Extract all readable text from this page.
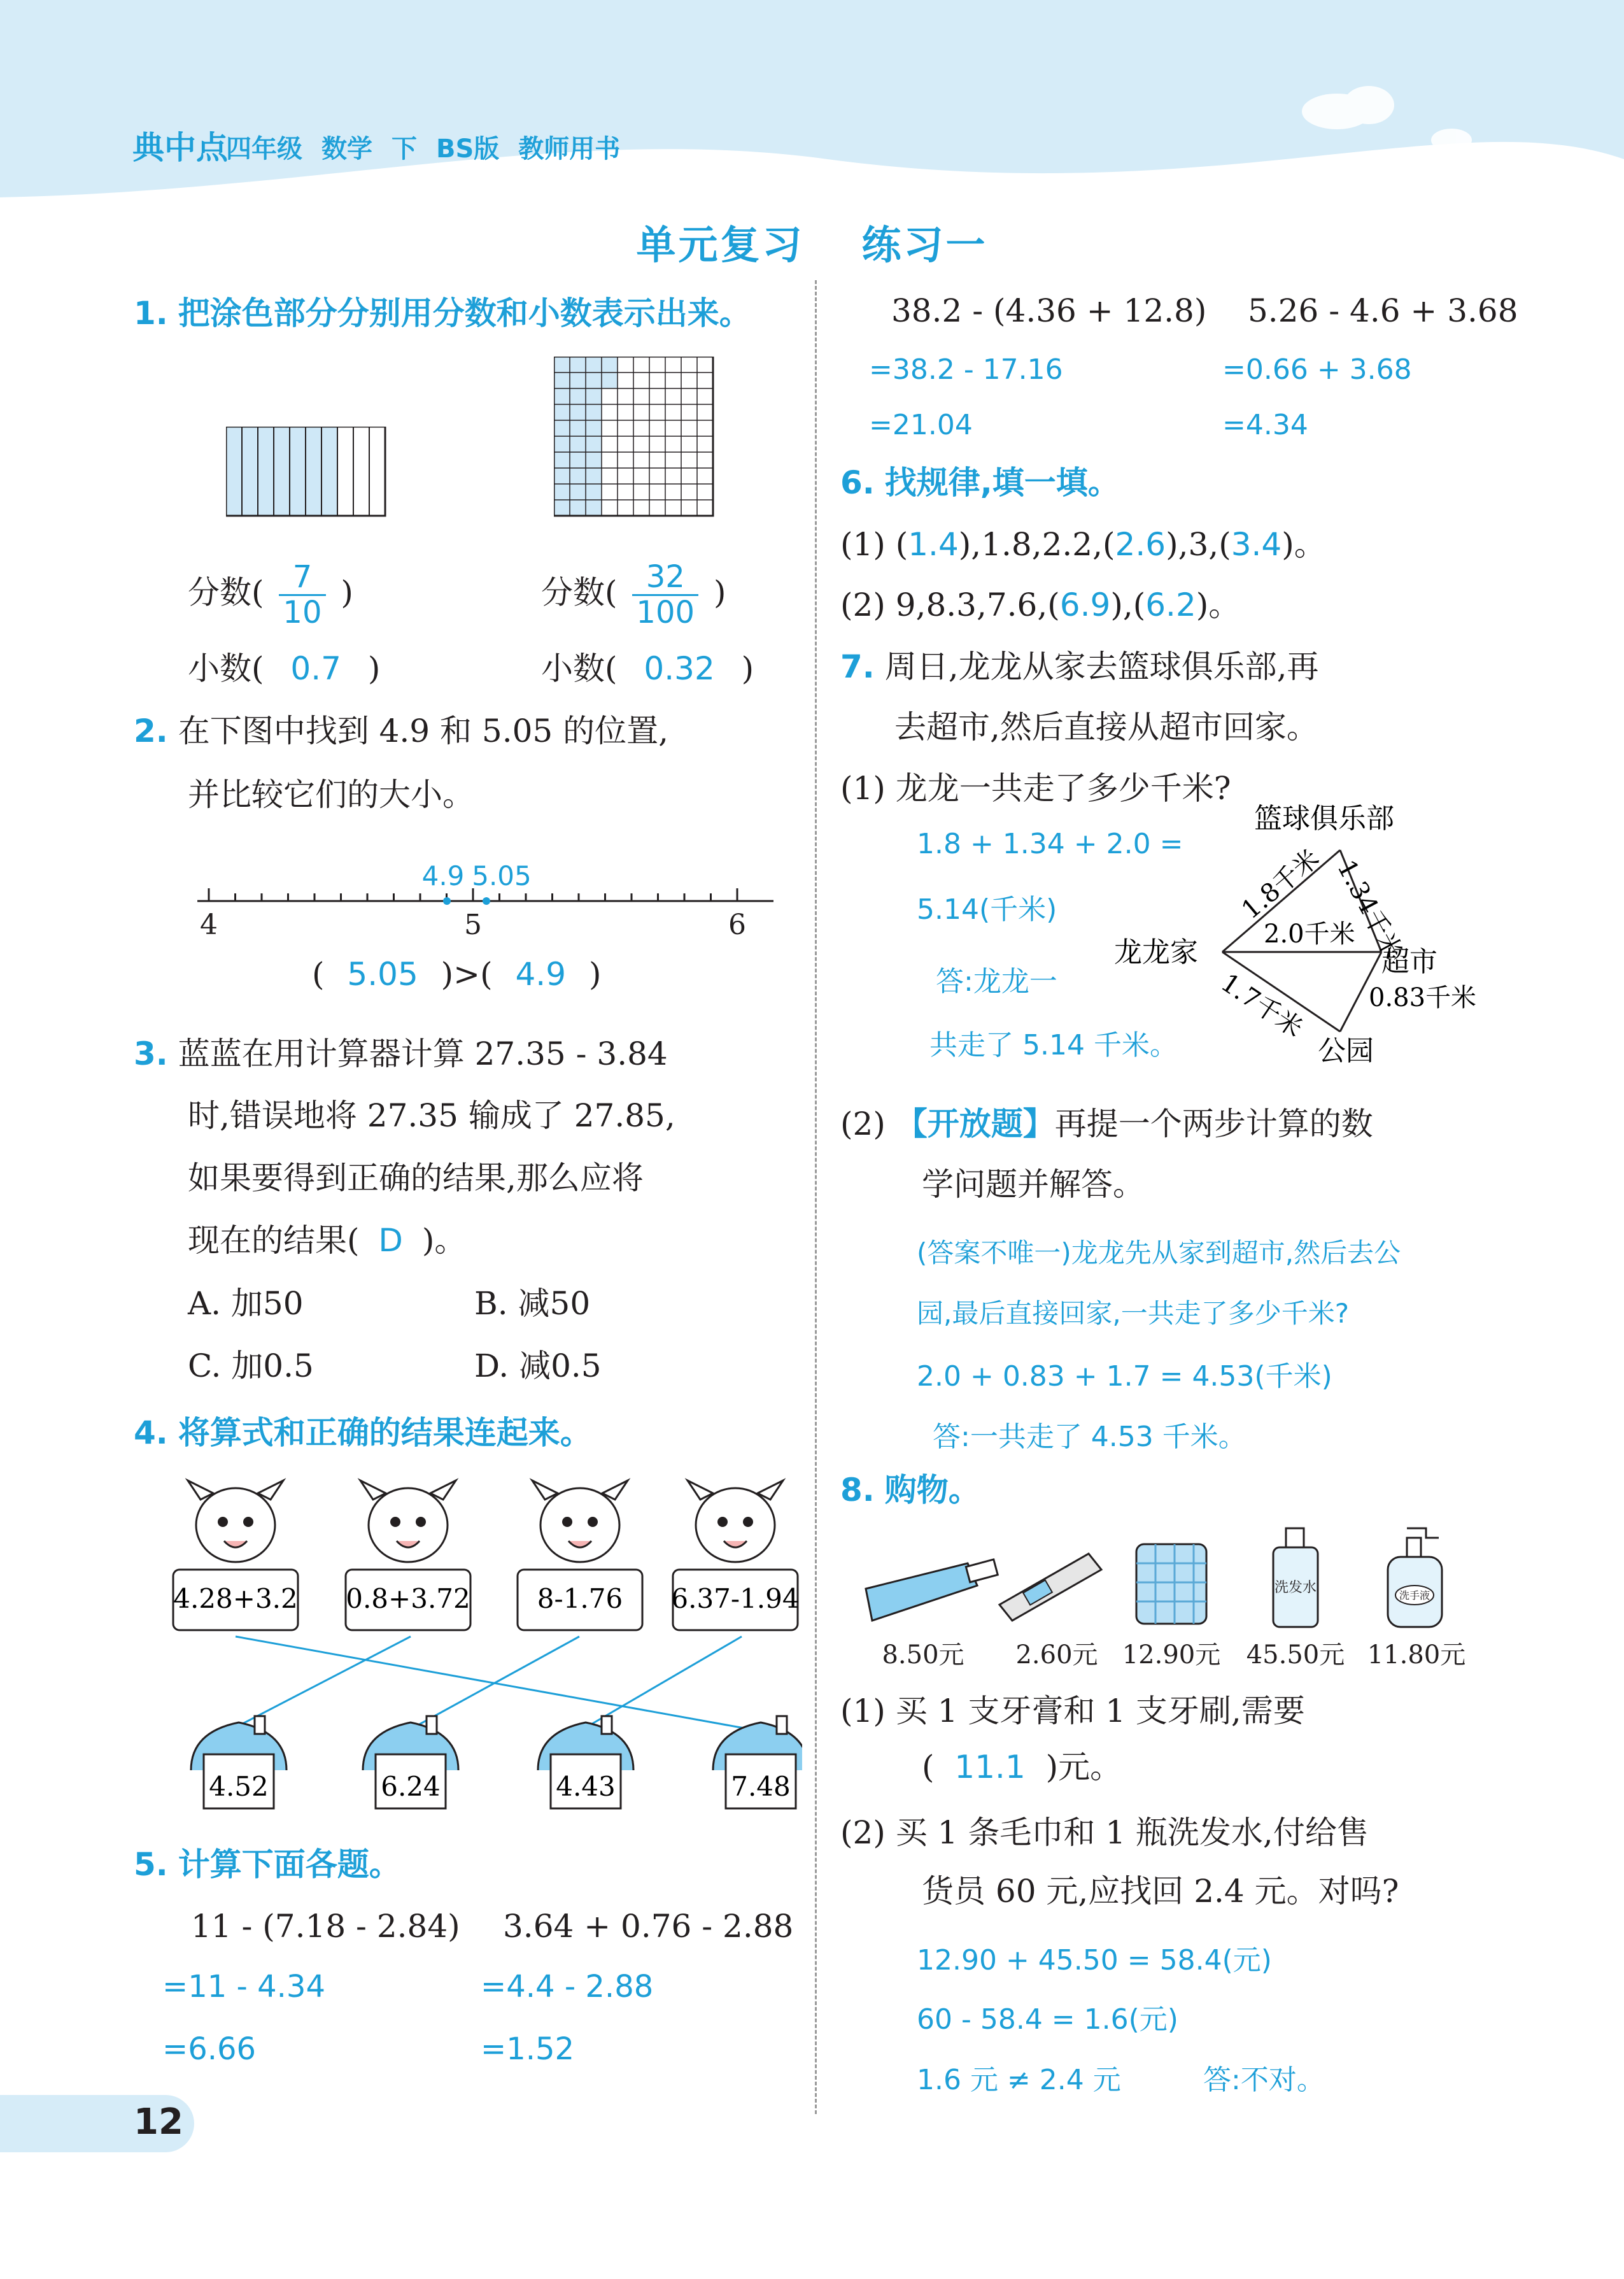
典中点
四年级 数学 下 BS版 教师用书
单元复习 练习一
1. 把涂色部分分别用分数和小数表示出来。
分数( $\frac{7}{10}$ )	分数( $\frac{32}{100}$ )
小数( 0.7 )	小数( 0.32 )
2. 在下图中找到 4.9 和 5.05 的位置,
并比较它们的大小。
4	5	6
4.9 5.05
( 5.05 )>( 4.9 )
3. 蓝蓝在用计算器计算 27.35 - 3.84
时,错误地将 27.35 输成了 27.85,
如果要得到正确的结果,那么应将
现在的结果( D )。
A. 加50	B. 减50
C. 加0.5	D. 减0.5
4. 将算式和正确的结果连起来。
4.28+3.2 0.8+3.72	8-1.76 6.37-1.94
4.52	6.24	4.43	7.48
5. 计算下面各题。
11 - (7.18 - 2.84) 3.64 + 0.76 - 2.88
=11 - 4.34	=4.4 - 2.88
=6.66	=1.52
12
38.2 - (4.36 + 12.8) 5.26 - 4.6 + 3.68
=38.2 - 17.16	=0.66 + 3.68
=21.04	=4.34
6. 找规律,填一填。
(1) (1.4),1.8,2.2,(2.6),3,(3.4)。
(2) 9,8.3,7.6,(6.9),(6.2)。
7. 周日,龙龙从家去篮球俱乐部,再
去超市,然后直接从超市回家。
(1) 龙龙一共走了多少千米?
1.8 + 1.34 + 2.0 =
5.14(千米)
答:龙龙一
共走了 5.14 千米。
篮球俱乐部
龙龙家	超市
公园
1.8千米 1.34千米
2.0千米
1.7千米 0.83千米
(2) 【开放题】再提一个两步计算的数
学问题并解答。
(答案不唯一)龙龙先从家到超市,然后去公
园,最后直接回家,一共走了多少千米?
2.0 + 0.83 + 1.7 = 4.53(千米)
答:一共走了 4.53 千米。
8. 购物。
洗发水	洗手液
8.50元 2.60元 12.90元 45.50元 11.80元
(1) 买 1 支牙膏和 1 支牙刷,需要
( 11.1 )元。
(2) 买 1 条毛巾和 1 瓶洗发水,付给售
货员 60 元,应找回 2.4 元。对吗?
12.90 + 45.50 = 58.4(元)
60 - 58.4 = 1.6(元)
1.6 元 ≠ 2.4 元	答:不对。
